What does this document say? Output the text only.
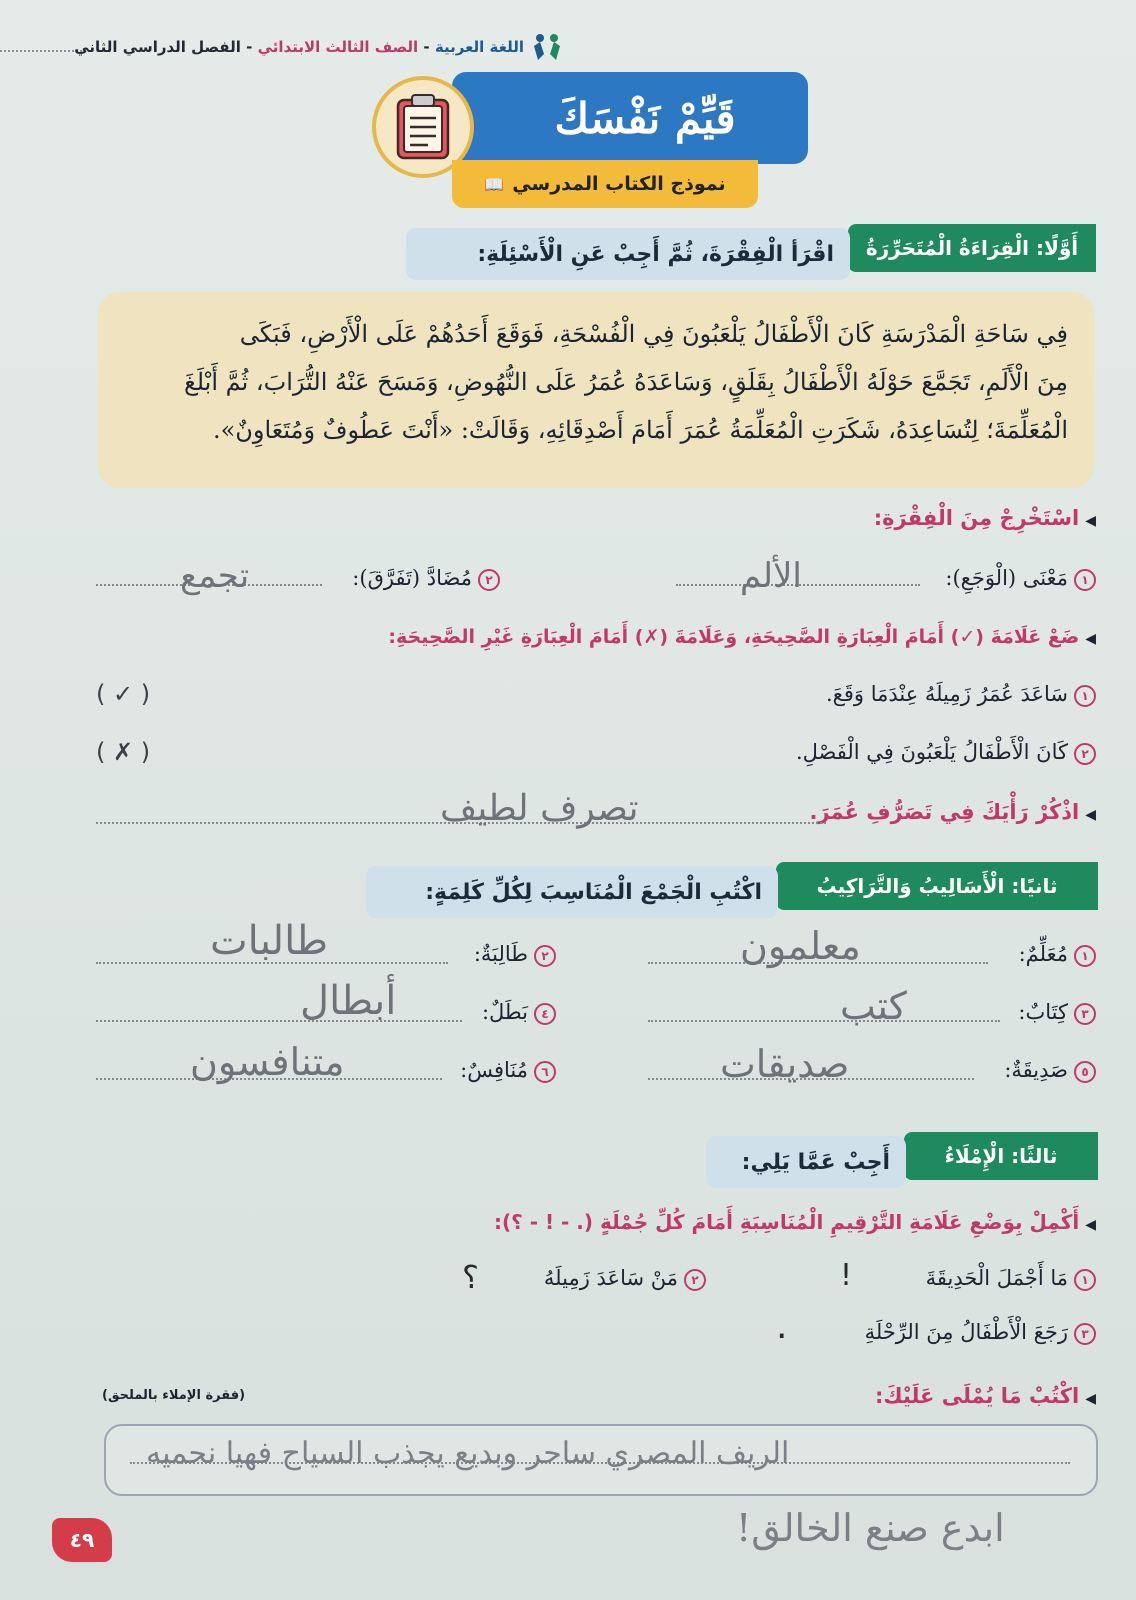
اللغة العربية - الصف الثالث الابتدائي - الفصل الدراسي الثاني
قَيِّمْ نَفْسَكَ
نموذج الكتاب المدرسي
📖
أَوَّلًا: الْقِرَاءَةُ الْمُتَحَرِّرَةُ
اقْرَأ الْفِقْرَةَ، ثُمَّ أَجِبْ عَنِ الْأَسْئِلَةِ:
فِي سَاحَةِ الْمَدْرَسَةِ كَانَ الْأَطْفَالُ يَلْعَبُونَ فِي الْفُسْحَةِ، فَوَقَعَ أَحَدُهُمْ عَلَى الْأَرْضِ، فَبَكَى
مِنَ الْأَلَمِ، تَجَمَّعَ حَوْلَهُ الْأَطْفَالُ بِقَلَقٍ، وَسَاعَدَهُ عُمَرُ عَلَى النُّهُوضِ، وَمَسَحَ عَنْهُ التُّرَابَ، ثُمَّ أَبْلَغَ
الْمُعَلِّمَةَ؛ لِتُسَاعِدَهُ، شَكَرَتِ الْمُعَلِّمَةُ عُمَرَ أَمَامَ أَصْدِقَائِهِ، وَقَالَتْ: «أَنْتَ عَطُوفٌ وَمُتَعَاوِنٌ».
◀اسْتَخْرِجْ مِنَ الْفِقْرَةِ:
١مَعْنَى (الْوَجَعِ):
الألم
٢مُضَادَّ (تَفَرَّقَ):
تجمع
◀ضَعْ عَلَامَةَ (✓) أَمَامَ الْعِبَارَةِ الصَّحِيحَةِ، وَعَلَامَةَ (✗) أَمَامَ الْعِبَارَةِ غَيْرِ الصَّحِيحَةِ:
١سَاعَدَ عُمَرُ زَمِيلَهُ عِنْدَمَا وَقَعَ.
( ✓ )
٢كَانَ الْأَطْفَالُ يَلْعَبُونَ فِي الْفَصْلِ.
( ✗ )
◀اذْكُرْ رَأْيَكَ فِي تَصَرُّفِ عُمَرَ.
تصرف لطيف
ثانيًا: الْأَسَالِيبُ وَالتَّرَاكِيبُ
اكْتُبِ الْجَمْعَ الْمُنَاسِبَ لِكُلِّ كَلِمَةٍ:
١مُعَلِّمٌ:
معلمون
٢طَالِبَةٌ:
طالبات
٣كِتَابٌ:
كتب
٤بَطَلٌ:
أبطال
٥صَدِيقَةٌ:
صديقات
٦مُنَافِسٌ:
متنافسون
ثالثًا: الْإِمْلَاءُ
أَجِبْ عَمَّا يَلِي:
◀أَكْمِلْ بِوَضْعِ عَلَامَةِ التَّرْقِيمِ الْمُنَاسِبَةِ أَمَامَ كُلِّ جُمْلَةٍ (. - ! - ؟):
١مَا أَجْمَلَ الْحَدِيقَةَ
!
٢مَنْ سَاعَدَ زَمِيلَهُ
؟
٣رَجَعَ الْأَطْفَالُ مِنَ الرِّحْلَةِ
.
◀اكْتُبْ مَا يُمْلَى عَلَيْكَ:
(فقرة الإملاء بالملحق)
الريف المصري ساحر وبديع يجذب السياح فهيا نحميه
ابدع صنع الخالق!
٤٩
